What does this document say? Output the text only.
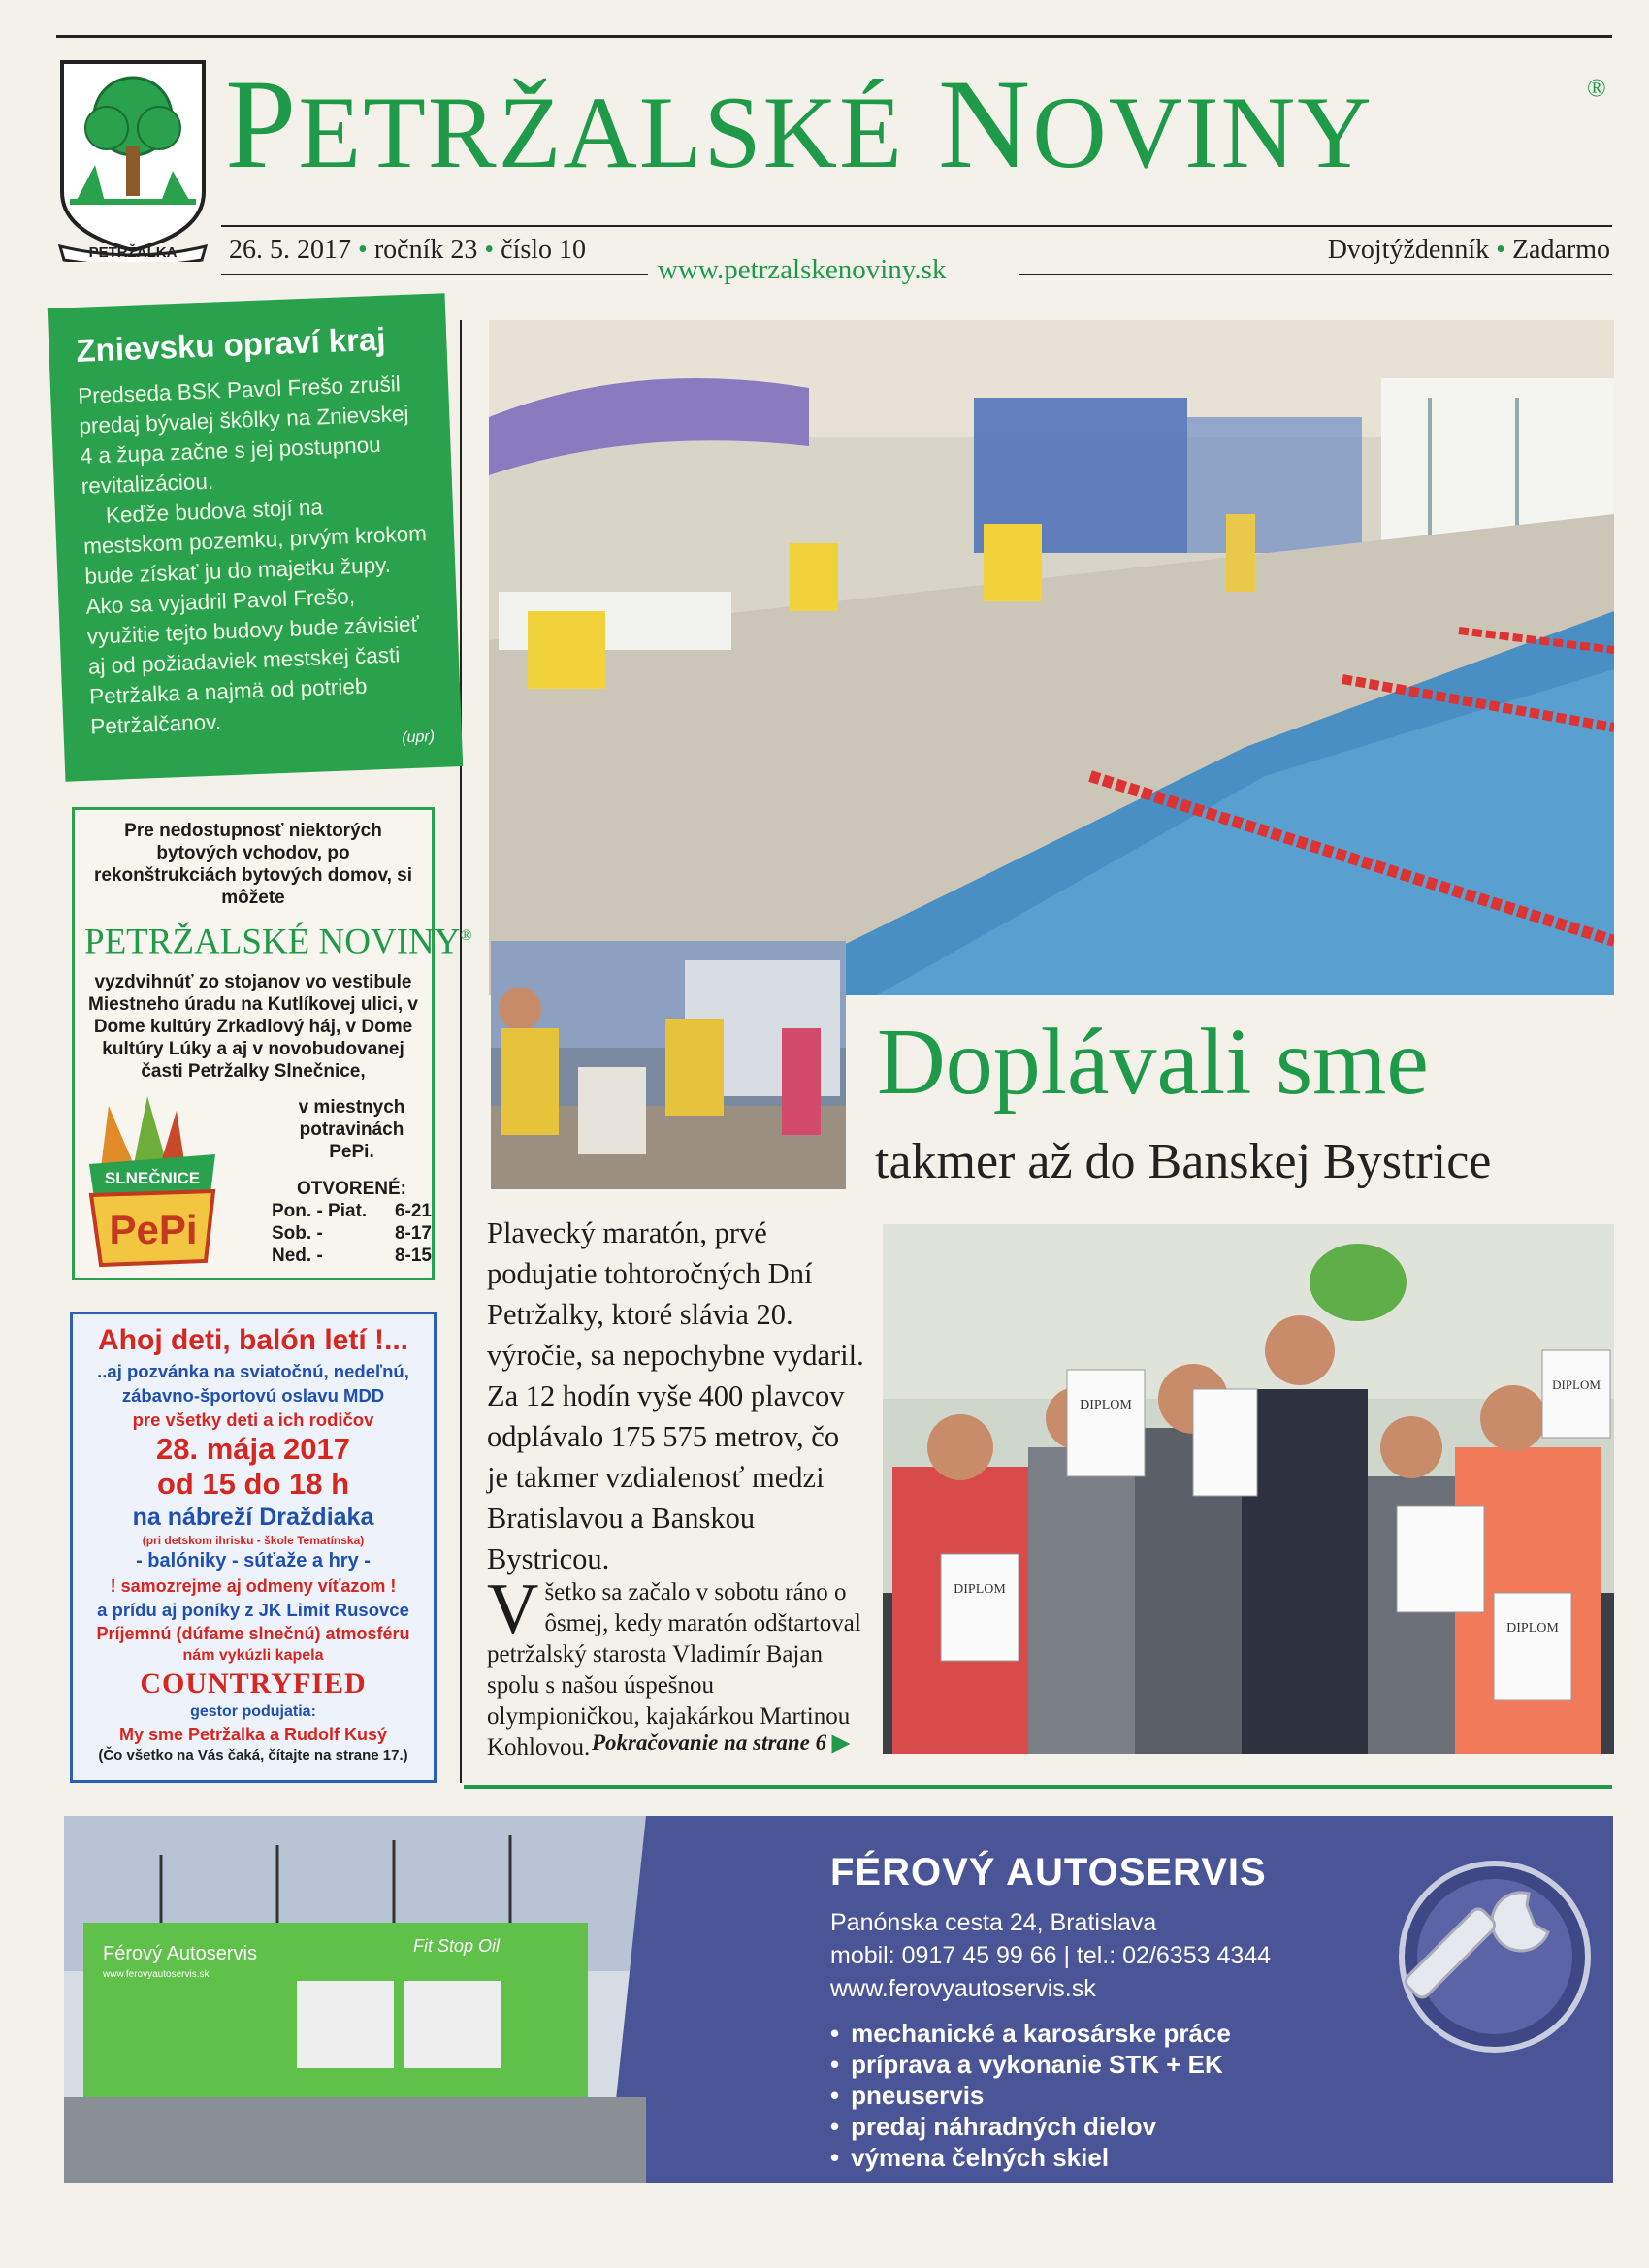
PETRŽALKA
PETRŽALSKÉ NOVINY	®
26. 5. 2017 • ročník 23 • číslo 10
www.petrzalskenoviny.sk
Dvojtýždenník • Zadarmo
Znievsku opraví kraj

Predseda BSK Pavol Frešo zrušil predaj bývalej škôlky na Znievskej 4 a župa začne s jej postupnou revitalizáciou.

Keďže budova stojí na mestskom pozemku, prvým krokom bude získať ju do majetku župy. Ako sa vyjadril Pavol Frešo, využitie tejto budovy bude závisieť aj od požiadaviek mestskej časti Petržalka a najmä od potrieb Petržalčanov.	(upr)
Pre nedostupnosť niektorých bytových vchodov, po rekonštrukciách bytových domov, si môžete
PETRŽALSKÉ NOVINY®
vyzdvihnúť zo stojanov vo vestibule Miestneho úradu na Kutlíkovej ulici, v Dome kultúry Zrkadlový háj, v Dome kultúry Lúky a aj v novobudovanej časti Petržalky Slnečnice,
SLNEČNICE
PePi
v miestnych potravinách PePi.
OTVORENÉ:
Pon. - Piat. 6-21
Sob. -	8-17
Ned. -	8-15

Ahoj deti, balón letí !...

..aj pozvánka na sviatočnú, nedeľnú,

zábavno-športovú oslavu MDD

pre všetky deti a ich rodičov

28. mája 2017

od 15 do 18 h

na nábreží Draždiaka

(pri detskom ihrisku - škole Tematínska)

- balóniky - súťaže a hry -

! samozrejme aj odmeny víťazom !

a prídu aj poníky z JK Limit Rusovce

Príjemnú (dúfame slnečnú) atmosféru

nám vykúzli kapela

COUNTRYFIED

gestor podujatia:

My sme Petržalka a Rudolf Kusý

(Čo všetko na Vás čaká, čítajte na strane 17.)

Doplávali sme
takmer až do Banskej Bystrice
Plavecký maratón, prvé podujatie tohtoročných Dní Petržalky, ktoré slávia 20. výročie, sa nepochybne vydaril. Za 12 hodín vyše 400 plavcov odplávalo 175 575 metrov, čo je takmer vzdialenosť medzi Bratislavou a Banskou Bystricou.
Všetko sa začalo v sobotu ráno o ôsmej, kedy maratón odštartoval petržalský starosta Vladimír Bajan spolu s našou úspešnou olympioničkou, kajakárkou Martinou Kohlovou. Pokračovanie na strane 6 ▶
DIPLOM
DIPLOM
DIPLOM
DIPLOM
Férový Autoservis
www.ferovyautoservis.sk
Fit Stop Oil
FÉROVÝ AUTOSERVIS
Panónska cesta 24, Bratislava
mobil: 0917 45 99 66 | tel.: 02/6353 4344
www.ferovyautoservis.sk
• mechanické a karosárske práce
• príprava a vykonanie STK + EK
• pneuservis
• predaj náhradných dielov
• výmena čelných skiel
